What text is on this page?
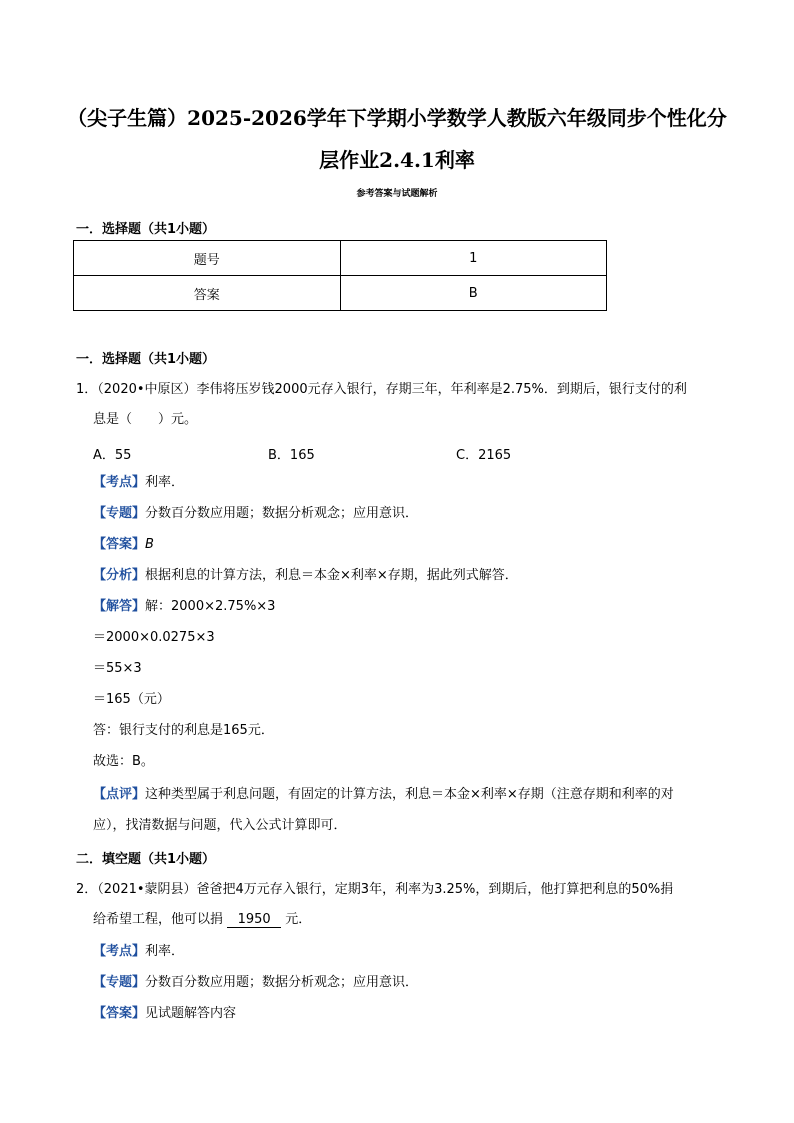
（尖子生篇）2025-2026学年下学期小学数学人教版六年级同步个性化分
层作业2.4.1利率
参考答案与试题解析
一．选择题（共1小题）
题号	1
答案	B
一．选择题（共1小题）
1．（2020•中原区）李伟将压岁钱2000元存入银行，存期三年，年利率是2.75%．到期后，银行支付的利
息是（　　）元。
A．55	B．165	C．2165
【考点】利率．
【专题】分数百分数应用题；数据分析观念；应用意识．
【答案】B
【分析】根据利息的计算方法，利息＝本金×利率×存期，据此列式解答．
【解答】解：2000×2.75%×3
＝2000×0.0275×3
＝55×3
＝165（元）
答：银行支付的利息是165元．
故选：B。
【点评】这种类型属于利息问题，有固定的计算方法，利息＝本金×利率×存期（注意存期和利率的对
应），找清数据与问题，代入公式计算即可．
二．填空题（共1小题）
2．（2021•蒙阴县）爸爸把4万元存入银行，定期3年，利率为3.25%，到期后，他打算把利息的50%捐
给希望工程，他可以捐 1950 元．
【考点】利率．
【专题】分数百分数应用题；数据分析观念；应用意识．
【答案】见试题解答内容
